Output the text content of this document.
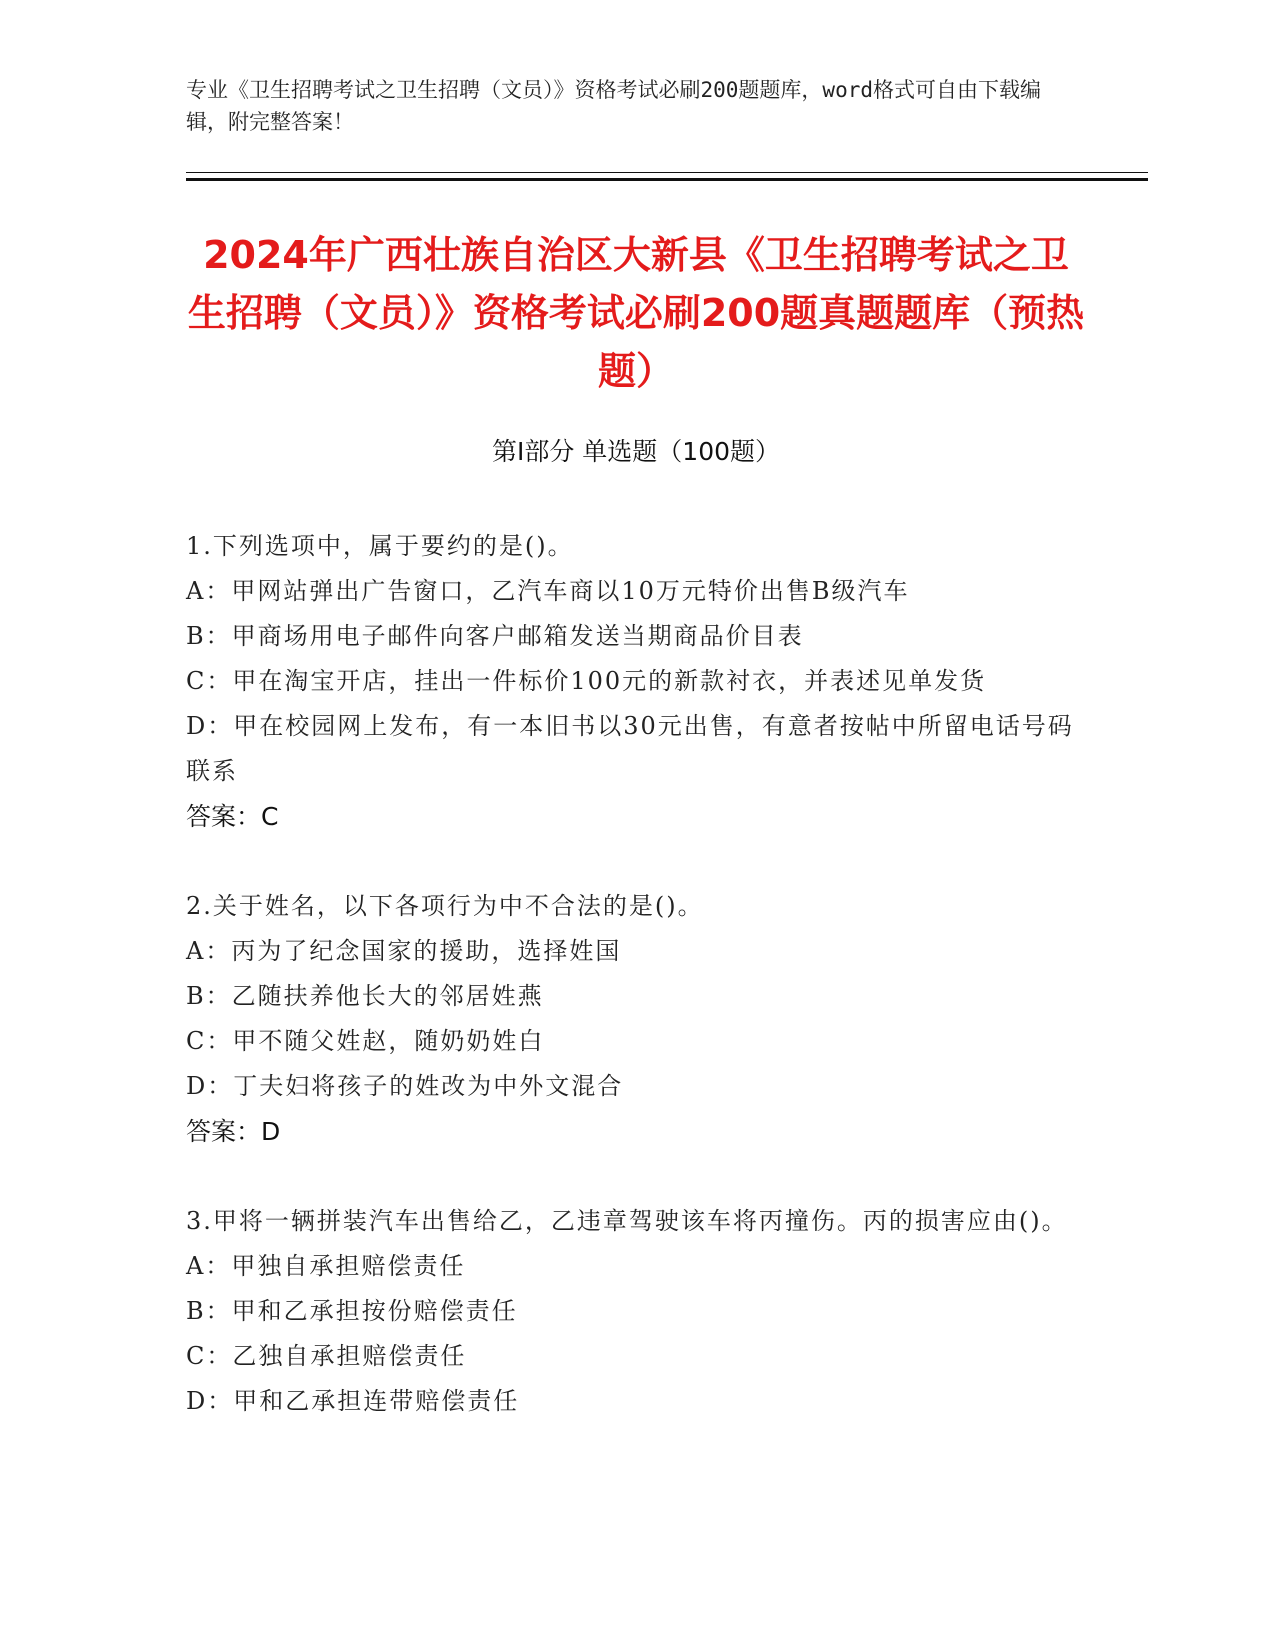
专业《卫生招聘考试之卫生招聘（文员）》资格考试必刷200题题库，word格式可自由下载编辑，附完整答案！
2024年广西壮族自治区大新县《卫生招聘考试之卫生招聘（文员）》资格考试必刷200题真题题库（预热题）
第I部分 单选题（100题）
1.下列选项中，属于要约的是()。
A：甲网站弹出广告窗口，乙汽车商以10万元特价出售B级汽车
B：甲商场用电子邮件向客户邮箱发送当期商品价目表
C：甲在淘宝开店，挂出一件标价100元的新款衬衣，并表述见单发货
D：甲在校园网上发布，有一本旧书以30元出售，有意者按帖中所留电话号码联系
答案：C
2.关于姓名，以下各项行为中不合法的是()。
A：丙为了纪念国家的援助，选择姓国
B：乙随扶养他长大的邻居姓燕
C：甲不随父姓赵，随奶奶姓白
D：丁夫妇将孩子的姓改为中外文混合
答案：D
3.甲将一辆拼装汽车出售给乙，乙违章驾驶该车将丙撞伤。丙的损害应由()。
A：甲独自承担赔偿责任
B：甲和乙承担按份赔偿责任
C：乙独自承担赔偿责任
D：甲和乙承担连带赔偿责任
